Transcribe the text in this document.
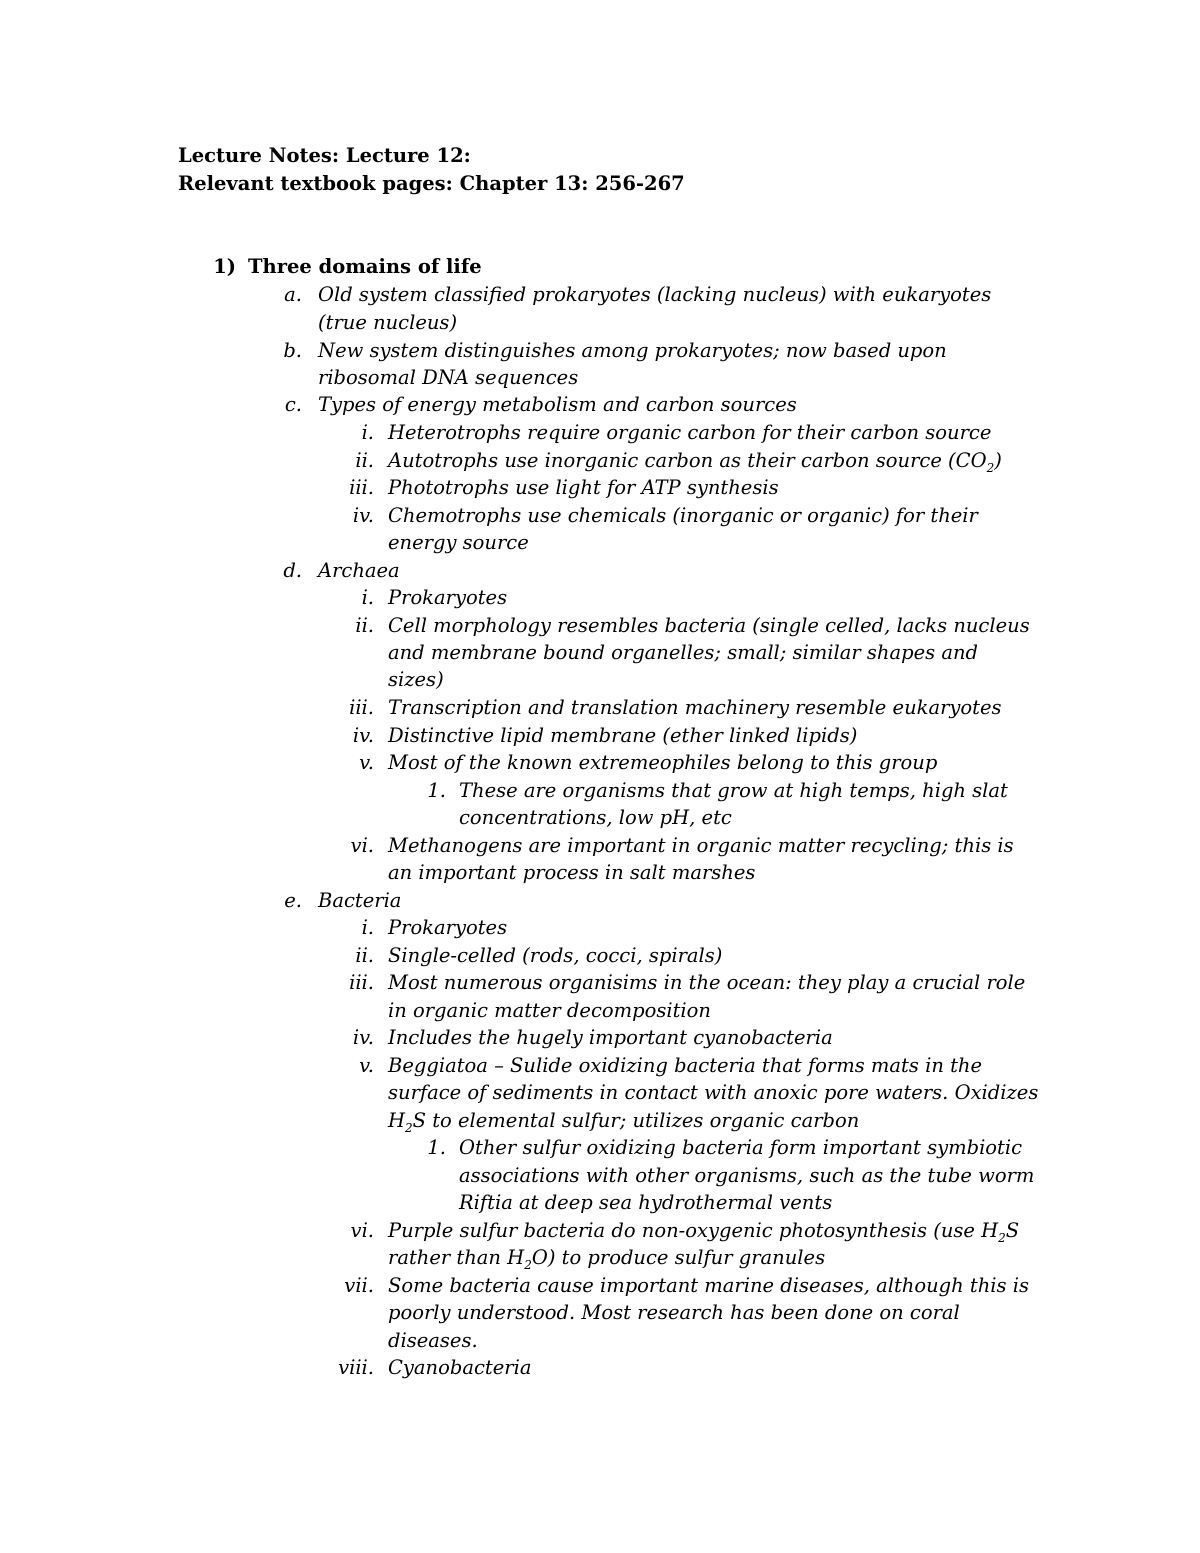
Lecture Notes: Lecture 12:
Relevant textbook pages: Chapter 13: 256-267
1) Three domains of life
a. Old system classified prokaryotes (lacking nucleus) with eukaryotes
(true nucleus)
b. New system distinguishes among prokaryotes; now based upon
ribosomal DNA sequences
c. Types of energy metabolism and carbon sources
i. Heterotrophs require organic carbon for their carbon source
ii. Autotrophs use inorganic carbon as their carbon source $(CO_2)$
iii. Phototrophs use light for ATP synthesis
iv. Chemotrophs use chemicals (inorganic or organic) for their
energy source
d. Archaea
i. Prokaryotes
ii. Cell morphology resembles bacteria (single celled, lacks nucleus
and membrane bound organelles; small; similar shapes and
sizes)
iii. Transcription and translation machinery resemble eukaryotes
iv. Distinctive lipid membrane (ether linked lipids)
v. Most of the known extremeophiles belong to this group
1. These are organisms that grow at high temps, high slat
concentrations, low pH, etc
vi. Methanogens are important in organic matter recycling; this is
an important process in salt marshes
e. Bacteria
i. Prokaryotes
ii. Single-celled (rods, cocci, spirals)
iii. Most numerous organisims in the ocean: they play a crucial role
in organic matter decomposition
iv. Includes the hugely important cyanobacteria
v. Beggiatoa – Sulide oxidizing bacteria that forms mats in the
surface of sediments in contact with anoxic pore waters. Oxidizes
$H_2S$ to elemental sulfur; utilizes organic carbon
1. Other sulfur oxidizing bacteria form important symbiotic
associations with other organisms, such as the tube worm
Riftia at deep sea hydrothermal vents
vi. Purple sulfur bacteria do non-oxygenic photosynthesis (use $H_2S$
rather than $H_2O$) to produce sulfur granules
vii. Some bacteria cause important marine diseases, although this is
poorly understood. Most research has been done on coral
diseases.
viii. Cyanobacteria
